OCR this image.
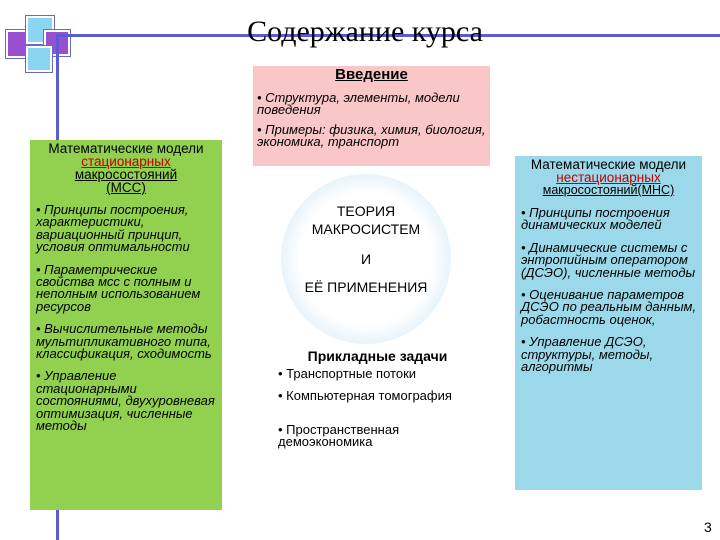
Содержание курса
Введение
• Структура, элементы, модели поведения
• Примеры: физика, химия, биология, экономика, транспорт
Математические модели
стационарных
макросостояний
(МСС)
• Принципы построения, характеристики, вариационный принцип, условия оптимальности
• Параметрические свойства мсс с полным и неполным использованием ресурсов
• Вычислительные методы мультипликативного типа, классификация, сходимость
• Управление стационарными состояниями, двухуровневая оптимизация, численные методы
ТЕОРИЯ
МАКРОСИСТЕМ
И
ЕЁ ПРИМЕНЕНИЯ
Прикладные задачи
• Транспортные потоки
• Компьютерная томография
• Пространственная демоэкономика
Математические модели
нестационарных
макросостояний(МНС)
• Принципы построения динамических моделей
• Динамические системы с энтропийным оператором (ДСЭО), численные методы
• Оценивание параметров ДСЭО по реальным данным, робастность оценок,
• Управление ДСЭО, структуры, методы, алгоритмы
3
